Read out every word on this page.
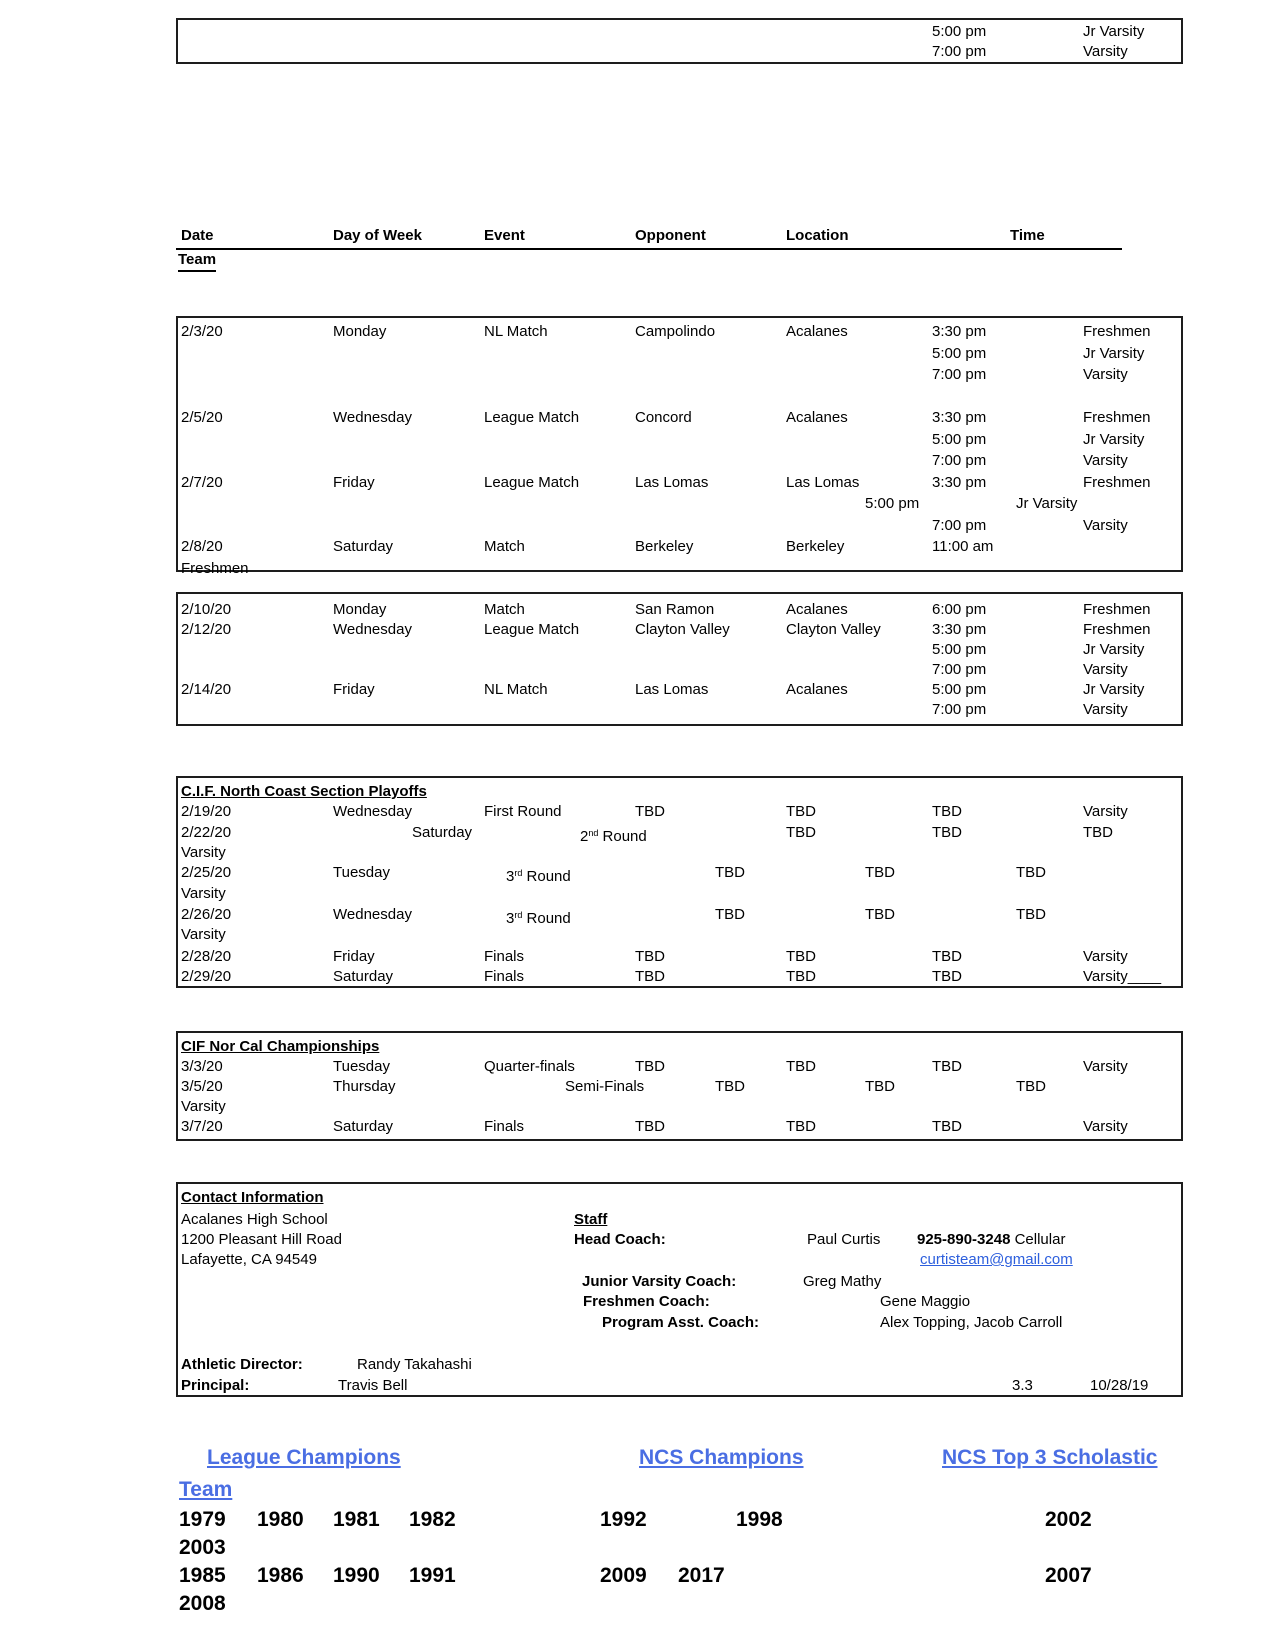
5:00 pm	Jr Varsity
7:00 pm	Varsity
Date	Day of Week	Event	Opponent	Location	Time
Team
2/3/20	Monday	NL Match	Campolindo	Acalanes	3:30 pm	Freshmen
5:00 pm	Jr Varsity
7:00 pm	Varsity
2/5/20	Wednesday	League Match	Concord	Acalanes	3:30 pm	Freshmen
5:00 pm	Jr Varsity
7:00 pm	Varsity
2/7/20	Friday	League Match	Las Lomas	Las Lomas	3:30 pm	Freshmen
5:00 pm	Jr Varsity
7:00 pm	Varsity
2/8/20	Saturday	Match	Berkeley	Berkeley	11:00 am
Freshmen
2/10/20	Monday	Match	San Ramon	Acalanes	6:00 pm	Freshmen
2/12/20	Wednesday	League Match	Clayton Valley	Clayton Valley	3:30 pm	Freshmen
5:00 pm	Jr Varsity
7:00 pm	Varsity
2/14/20	Friday	NL Match	Las Lomas	Acalanes	5:00 pm	Jr Varsity
7:00 pm	Varsity
C.I.F. North Coast Section Playoffs
2/19/20	Wednesday	First Round	TBD	TBD	TBD	Varsity
2/22/20	Saturday	2nd Round	TBD	TBD	TBD
Varsity
2/25/20	Tuesday	3rd Round	TBD	TBD	TBD
Varsity
2/26/20	Wednesday	3rd Round	TBD	TBD	TBD
Varsity
2/28/20	Friday	Finals	TBD	TBD	TBD	Varsity
2/29/20	Saturday	Finals	TBD	TBD	TBD	Varsity____
CIF Nor Cal Championships
3/3/20	Tuesday	Quarter-finals	TBD	TBD	TBD	Varsity
3/5/20	Thursday	Semi-Finals	TBD	TBD	TBD
Varsity
3/7/20	Saturday	Finals	TBD	TBD	TBD	Varsity
Contact Information
Acalanes High School	Staff
1200 Pleasant Hill Road	Head Coach:	Paul Curtis 925-890-3248 Cellular
Lafayette, CA 94549	curtisteam@gmail.com
Junior Varsity Coach:	Greg Mathy
Freshmen Coach:	Gene Maggio
Program Asst. Coach:	Alex Topping, Jacob Carroll
Athletic Director:	Randy Takahashi
Principal:	Travis Bell	3.3	10/28/19
League Champions	NCS Champions	NCS Top 3 Scholastic
Team
1979 1980 1981 1982	1992	1998	2002
2003
1985 1986 1990 1991	2009 2017	2007
2008
